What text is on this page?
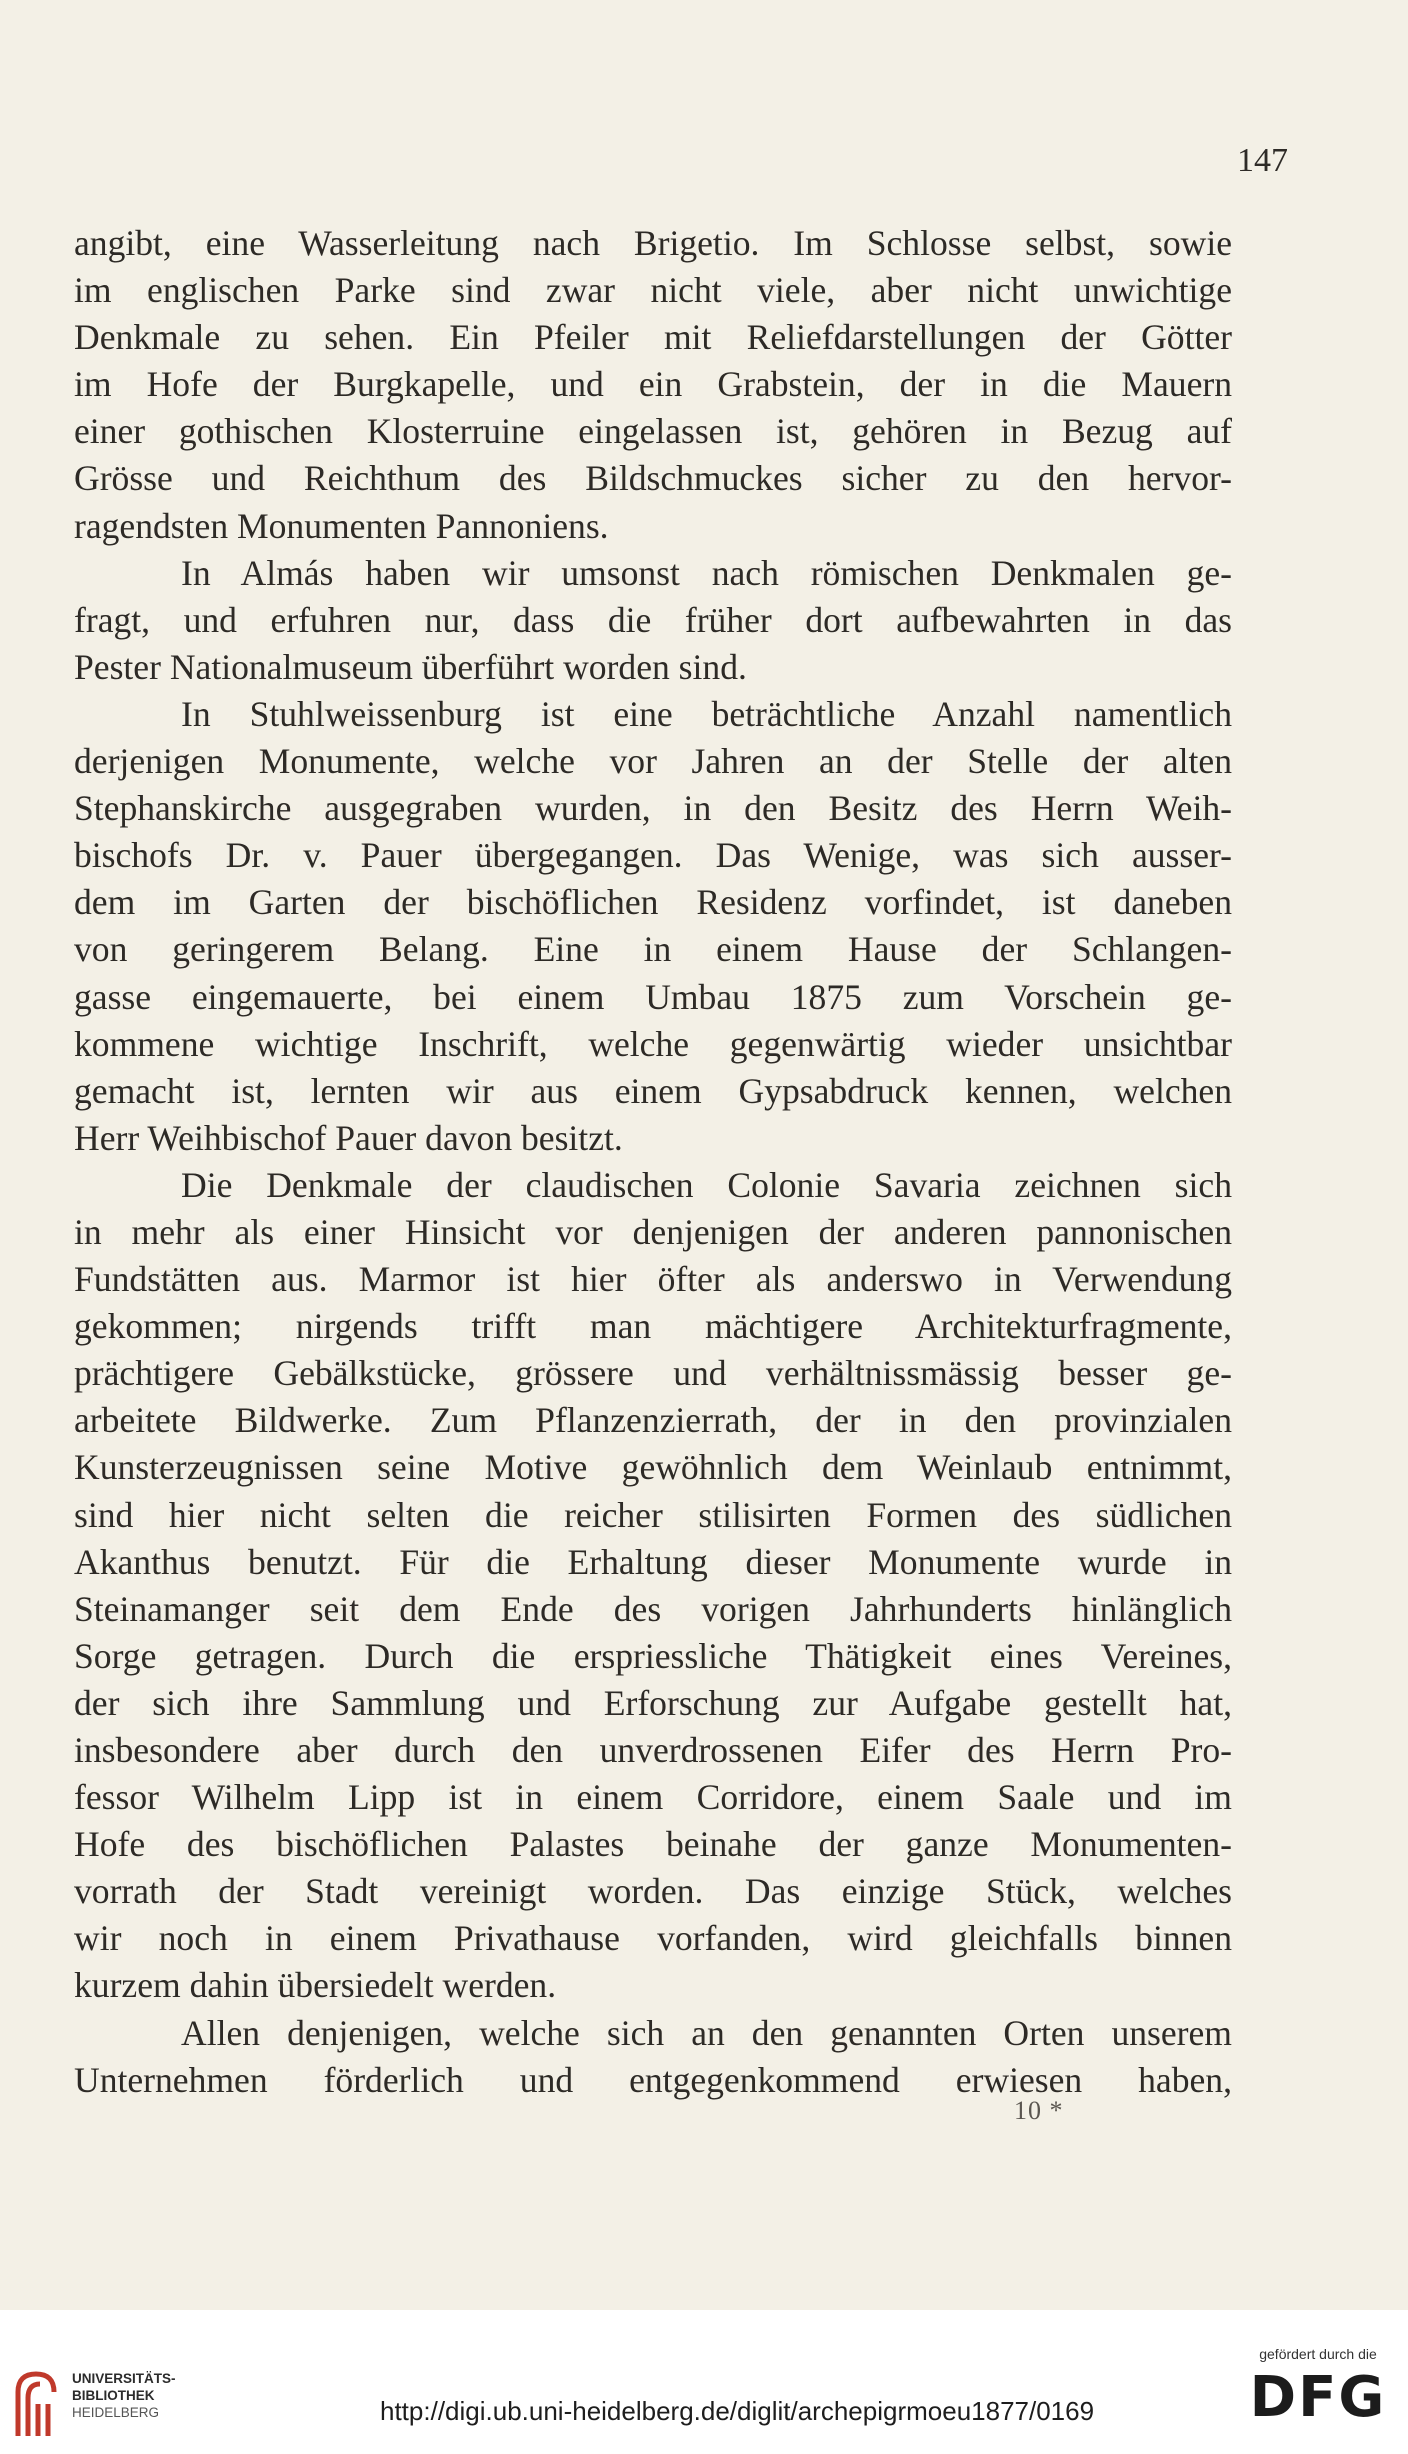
147

angibt, eine Wasserleitung nach Brigetio. Im Schlosse selbst, sowie

im englischen Parke sind zwar nicht viele, aber nicht unwichtige

Denkmale zu sehen. Ein Pfeiler mit Reliefdarstellungen der Götter

im Hofe der Burgkapelle, und ein Grabstein, der in die Mauern

einer gothischen Klosterruine eingelassen ist, gehören in Bezug auf

Grösse und Reichthum des Bildschmuckes sicher zu den hervor-

ragendsten Monumenten Pannoniens.

In Almás haben wir umsonst nach römischen Denkmalen ge-

fragt, und erfuhren nur, dass die früher dort aufbewahrten in das

Pester Nationalmuseum überführt worden sind.

In Stuhlweissenburg ist eine beträchtliche Anzahl namentlich

derjenigen Monumente, welche vor Jahren an der Stelle der alten

Stephanskirche ausgegraben wurden, in den Besitz des Herrn Weih-

bischofs Dr. v. Pauer übergegangen. Das Wenige, was sich ausser-

dem im Garten der bischöflichen Residenz vorfindet, ist daneben

von geringerem Belang. Eine in einem Hause der Schlangen-

gasse eingemauerte, bei einem Umbau 1875 zum Vorschein ge-

kommene wichtige Inschrift, welche gegenwärtig wieder unsichtbar

gemacht ist, lernten wir aus einem Gypsabdruck kennen, welchen

Herr Weihbischof Pauer davon besitzt.

Die Denkmale der claudischen Colonie Savaria zeichnen sich

in mehr als einer Hinsicht vor denjenigen der anderen pannonischen

Fundstätten aus. Marmor ist hier öfter als anderswo in Verwendung

gekommen; nirgends trifft man mächtigere Architekturfragmente,

prächtigere Gebälkstücke, grössere und verhältnissmässig besser ge-

arbeitete Bildwerke. Zum Pflanzenzierrath, der in den provinzialen

Kunsterzeugnissen seine Motive gewöhnlich dem Weinlaub entnimmt,

sind hier nicht selten die reicher stilisirten Formen des südlichen

Akanthus benutzt. Für die Erhaltung dieser Monumente wurde in

Steinamanger seit dem Ende des vorigen Jahrhunderts hinlänglich

Sorge getragen. Durch die erspriessliche Thätigkeit eines Vereines,

der sich ihre Sammlung und Erforschung zur Aufgabe gestellt hat,

insbesondere aber durch den unverdrossenen Eifer des Herrn Pro-

fessor Wilhelm Lipp ist in einem Corridore, einem Saale und im

Hofe des bischöflichen Palastes beinahe der ganze Monumenten-

vorrath der Stadt vereinigt worden. Das einzige Stück, welches

wir noch in einem Privathause vorfanden, wird gleichfalls binnen

kurzem dahin übersiedelt werden.

Allen denjenigen, welche sich an den genannten Orten unserem

Unternehmen förderlich und entgegenkommend erwiesen haben,

10 *
UNIVERSITÄTS-
BIBLIOTHEK
HEIDELBERG	http://digi.ub.uni-heidelberg.de/diglit/archepigrmoeu1877/0169
gefördert durch die
DFG
